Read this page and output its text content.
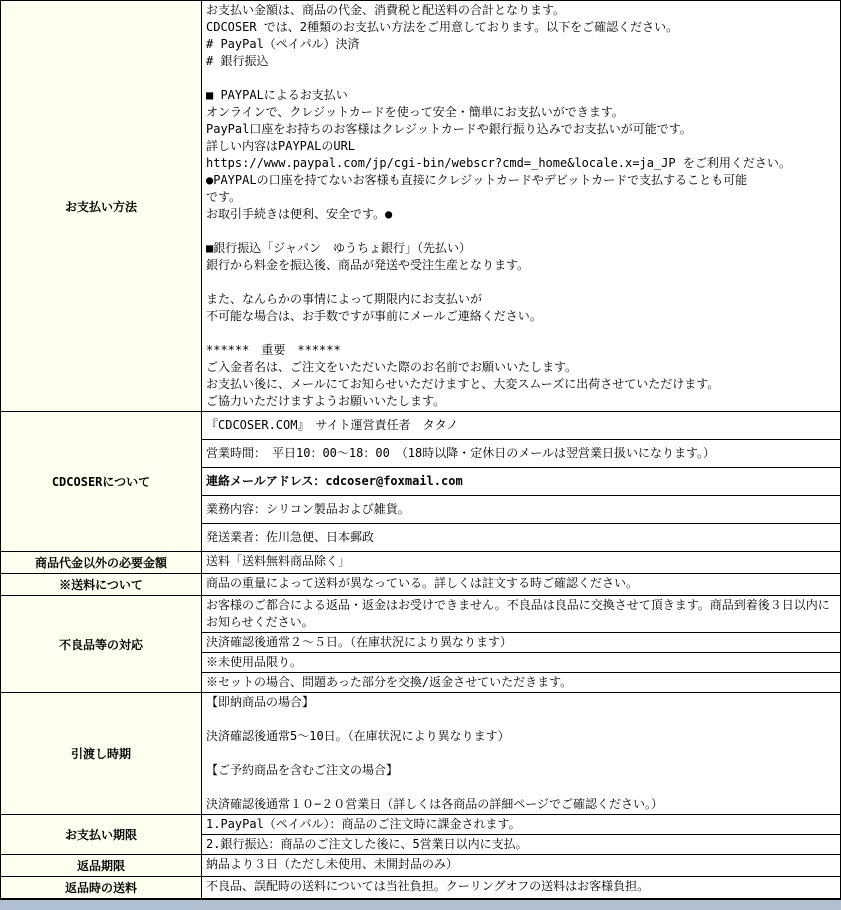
お支払い方法	
お支払い金額は、商品の代金、消費税と配送料の合計となります。
CDCOSER では、2種類のお支払い方法をご用意しております。以下をご確認ください。
# PayPal（ペイパル）決済
# 銀行振込

■ PAYPALによるお支払い
オンラインで、クレジットカードを使って安全・簡単にお支払いができます。
PayPal口座をお持ちのお客様はクレジットカードや銀行振り込みでお支払いが可能です。
詳しい内容はPAYPALのURL
https://www.paypal.com/jp/cgi-bin/webscr?cmd=_home&locale.x=ja_JP をご利用ください。
●PAYPALの口座を持てないお客様も直接にクレジットカードやデビットカードで支払することも可能
です。
お取引手続きは便利、安全です。●

■銀行振込「ジャパン　ゆうちょ銀行」（先払い）
銀行から料金を振込後、商品が発送や受注生産となります。

また、なんらかの事情によって期限内にお支払いが
不可能な場合は、お手数ですが事前にメールご連絡ください。

******　重要　******
ご入金者名は、ご注文をいただいた際のお名前でお願いいたします。
お支払い後に、メールにてお知らせいただけますと、大変スムーズに出荷させていただけます。
ご協力いただけますようお願いいたします。

CDCOSERについて	『CDCOSER.COM』　サイト運営責任者　タタノ

	営業時間：　平日10：00〜18：00　（18時以降・定休日のメールは翌営業日扱いになります。）

	連絡メールアドレス：cdcoser@foxmail.com

	業務内容：シリコン製品および雑貨。

	発送業者：佐川急便、日本郵政

商品代金以外の必要金額	送料「送料無料商品除く」

※送料について	商品の重量によって送料が異なっている。詳しくは註文する時ご確認ください。

不良品等の対応	お客様のご都合による返品・返金はお受けできません。不良品は良品に交換させて頂きます。商品到着後３日以内にお知らせください。

	決済確認後通常２〜５日。（在庫状況により異なります）

	※未使用品限り。

	※セットの場合、問題あった部分を交換/返金させていただきます。

引渡し時期	【即納商品の場合】

決済確認後通常5〜10日。（在庫状況により異なります）

【ご予約商品を含むご注文の場合】

決済確認後通常１０−２０営業日（詳しくは各商品の詳細ページでご確認ください。）

お支払い期限	1.PayPal（ペイパル）：商品のご注文時に課金されます。

	2.銀行振込：商品のご注文した後に、5営業日以内に支払。

返品期限	納品より３日（ただし未使用、未開封品のみ）

返品時の送料	不良品、誤配時の送料については当社負担。クーリングオフの送料はお客様負担。
